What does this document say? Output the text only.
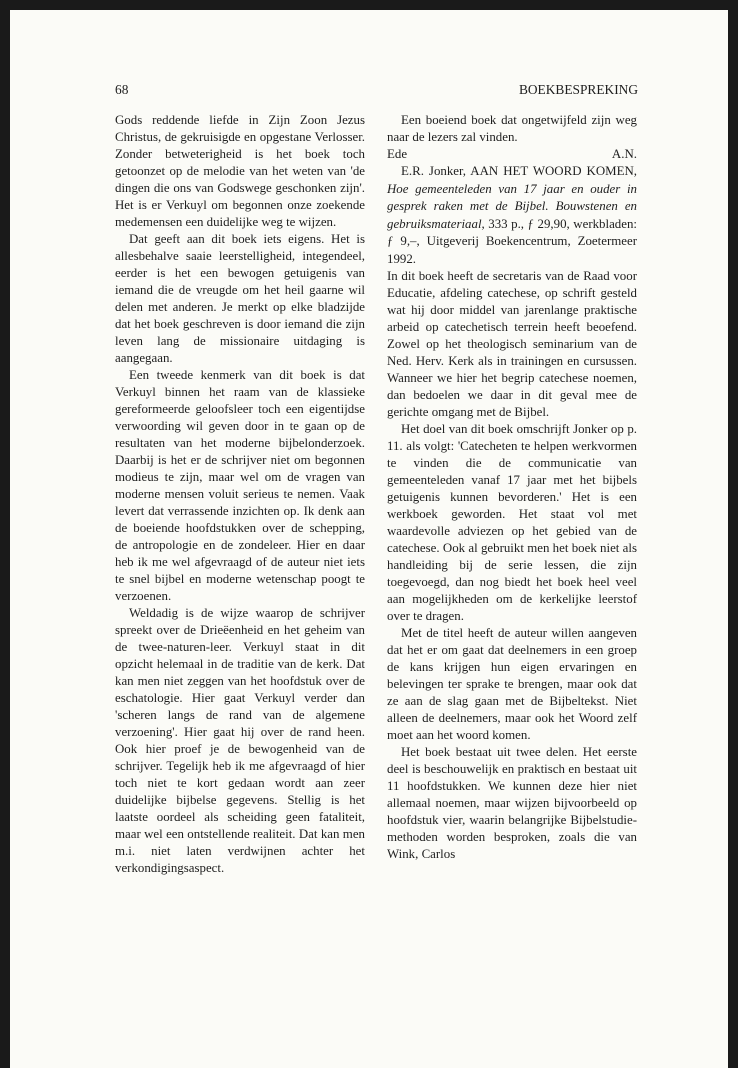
68	BOEKBESPREKING

Gods reddende liefde in Zijn Zoon Jezus Christus, de gekruisigde en opgestane Verlosser. Zonder betweterigheid is het boek toch getoonzet op de melodie van het weten van 'de dingen die ons van Godswege geschonken zijn'. Het is er Verkuyl om begonnen onze zoekende medemensen een duidelijke weg te wijzen.

Dat geeft aan dit boek iets eigens. Het is allesbehalve saaie leerstelligheid, integendeel, eerder is het een bewogen getuigenis van iemand die de vreugde om het heil gaarne wil delen met anderen. Je merkt op elke bladzijde dat het boek geschreven is door iemand die zijn leven lang de missionaire uitdaging is aangegaan.

Een tweede kenmerk van dit boek is dat Verkuyl binnen het raam van de klassieke gereformeerde geloofsleer toch een eigentijdse verwoording wil geven door in te gaan op de resultaten van het moderne bijbelonderzoek. Daarbij is het er de schrijver niet om begonnen modieus te zijn, maar wel om de vragen van moderne mensen voluit serieus te nemen. Vaak levert dat verrassende inzichten op. Ik denk aan de boeiende hoofdstukken over de schepping, de antropologie en de zondeleer. Hier en daar heb ik me wel afgevraagd of de auteur niet iets te snel bijbel en moderne wetenschap poogt te verzoenen.

Weldadig is de wijze waarop de schrijver spreekt over de Drieëenheid en het geheim van de twee-naturen-leer. Verkuyl staat in dit opzicht helemaal in de traditie van de kerk. Dat kan men niet zeggen van het hoofdstuk over de eschatologie. Hier gaat Verkuyl verder dan 'scheren langs de rand van de algemene verzoening'. Hier gaat hij over de rand heen. Ook hier proef je de bewogenheid van de schrijver. Tegelijk heb ik me afgevraagd of hier toch niet te kort gedaan wordt aan zeer duidelijke bijbelse gegevens. Stellig is het laatste oordeel als scheiding geen fataliteit, maar wel een ontstellende realiteit. Dat kan men m.i. niet laten verdwijnen achter het verkondigingsaspect.

Een boeiend boek dat ongetwijfeld zijn weg naar de lezers zal vinden.

Ede	A.N.

E.R. Jonker, AAN HET WOORD KOMEN, Hoe gemeenteleden van 17 jaar en ouder in gesprek raken met de Bijbel. Bouwstenen en gebruiksmateriaal, 333 p., ƒ 29,90, werkbladen: ƒ 9,–, Uitgeverij Boekencentrum, Zoetermeer 1992.

In dit boek heeft de secretaris van de Raad voor Educatie, afdeling catechese, op schrift gesteld wat hij door middel van jarenlange praktische arbeid op catechetisch terrein heeft beoefend. Zowel op het theologisch seminarium van de Ned. Herv. Kerk als in trainingen en cursussen. Wanneer we hier het begrip catechese noemen, dan bedoelen we daar in dit geval mee de gerichte omgang met de Bijbel.

Het doel van dit boek omschrijft Jonker op p. 11. als volgt: 'Catecheten te helpen werkvormen te vinden die de communicatie van gemeenteleden vanaf 17 jaar met het bijbels getuigenis kunnen bevorderen.' Het is een werkboek geworden. Het staat vol met waardevolle adviezen op het gebied van de catechese. Ook al gebruikt men het boek niet als handleiding bij de serie lessen, die zijn toegevoegd, dan nog biedt het boek heel veel aan mogelijkheden om de kerkelijke leerstof over te dragen.

Met de titel heeft de auteur willen aangeven dat het er om gaat dat deelnemers in een groep de kans krijgen hun eigen ervaringen en belevingen ter sprake te brengen, maar ook dat ze aan de slag gaan met de Bijbeltekst. Niet alleen de deelnemers, maar ook het Woord zelf moet aan het woord komen.

Het boek bestaat uit twee delen. Het eerste deel is beschouwelijk en praktisch en bestaat uit 11 hoofdstukken. We kunnen deze hier niet allemaal noemen, maar wijzen bijvoorbeeld op hoofdstuk vier, waarin belangrijke Bijbelstudie-methoden worden besproken, zoals die van Wink, Carlos
